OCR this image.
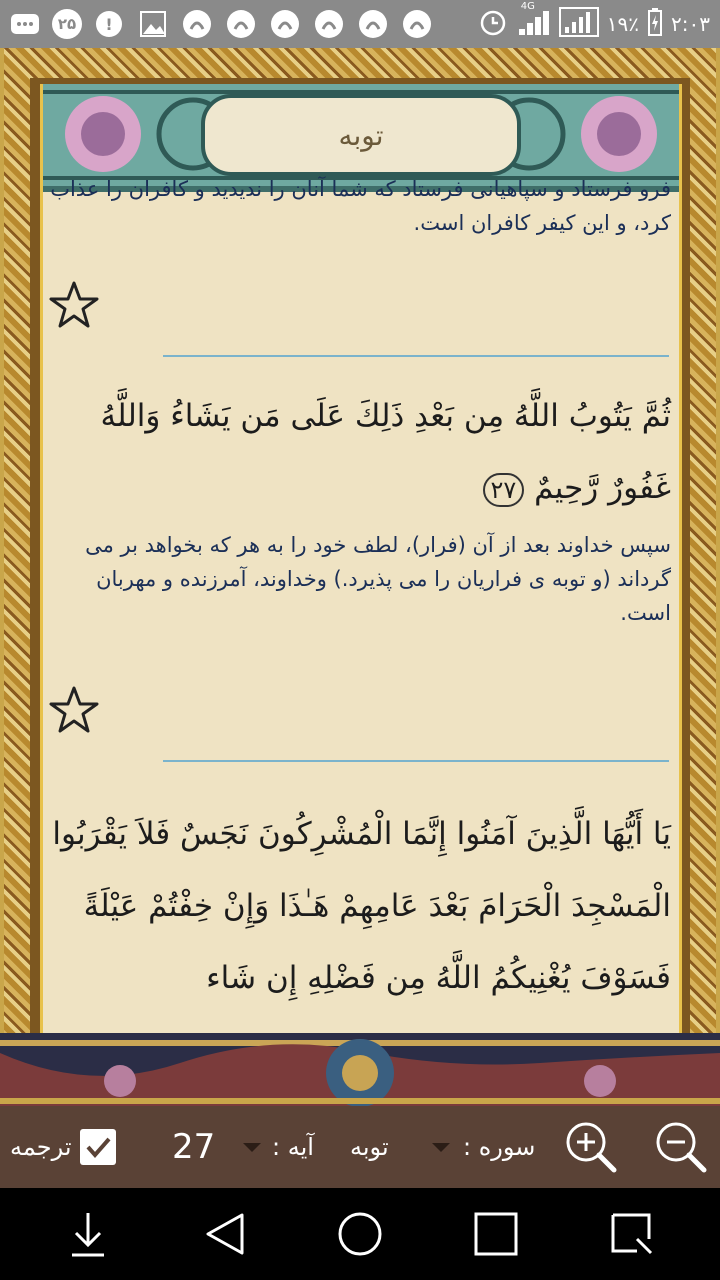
۲۵	!
4G
۱۹٪ ۲:۰۳
توبه
فرو فرستاد و سپاهیانی فرستاد که شما آنان را ندیدید و کافران را عذاب کرد، و این کیفر کافران است.
ثُمَّ يَتُوبُ اللَّهُ مِن بَعْدِ ذَلِكَ عَلَى مَن يَشَاءُ وَاللَّهُ غَفُورٌ رَّحِيمٌ ۲۷
سپس خداوند بعد از آن (فرار)، لطف خود را به هر که بخواهد بر می گرداند (و توبه ی فراریان را می پذیرد.) وخداوند، آمرزنده و مهربان است.
يَا أَيُّهَا الَّذِينَ آمَنُوا إِنَّمَا الْمُشْرِكُونَ نَجَسٌ فَلاَ يَقْرَبُوا الْمَسْجِدَ الْحَرَامَ بَعْدَ عَامِهِمْ هَـٰذَا وَإِنْ خِفْتُمْ عَيْلَةً فَسَوْفَ يُغْنِيكُمُ اللَّهُ مِن فَضْلِهِ إِن شَاء
ترجمه	27 آیه : توبه	سوره :
